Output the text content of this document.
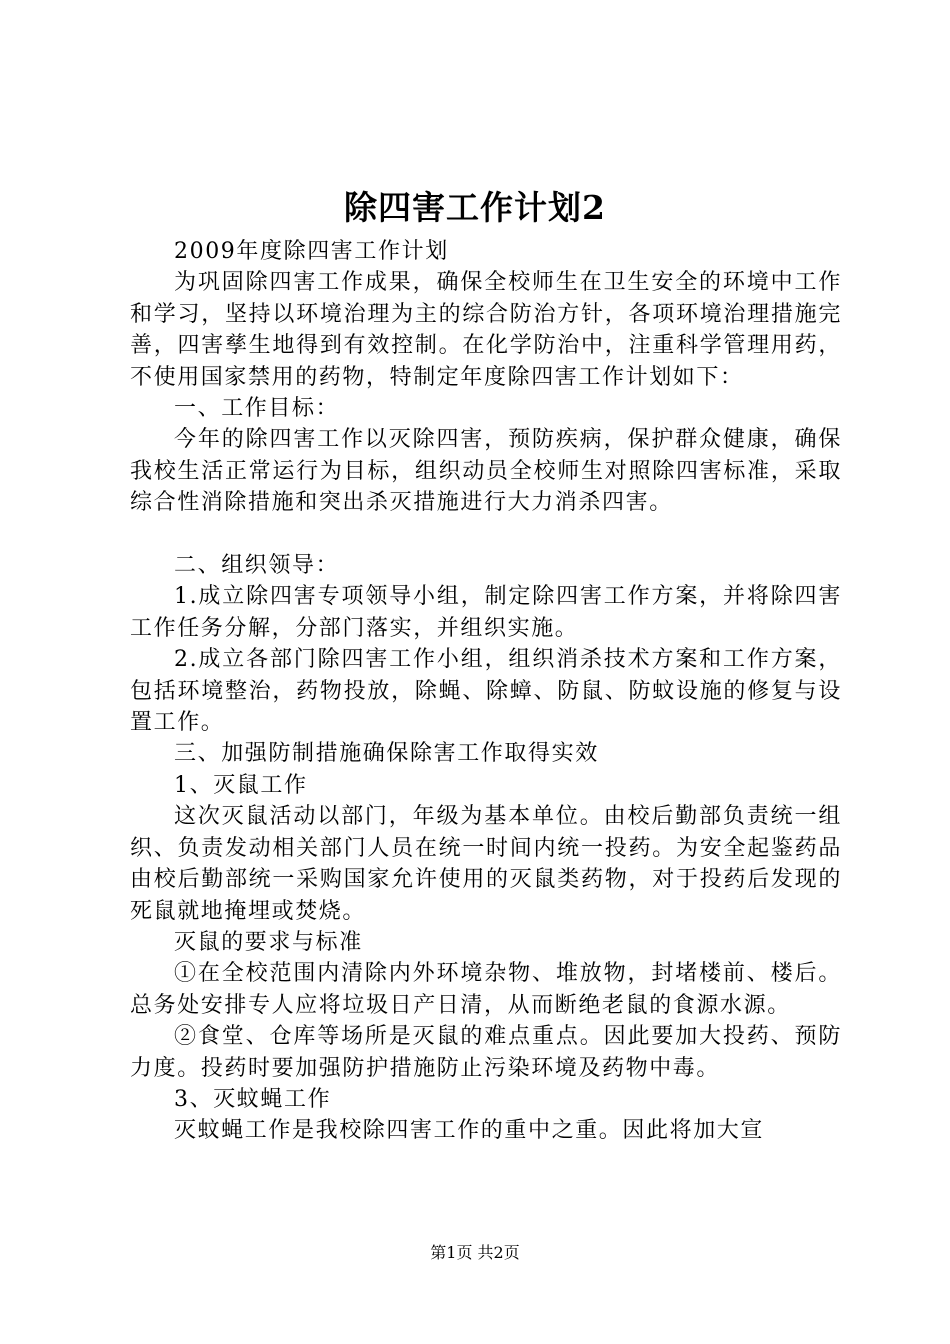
除四害工作计划2

2009年度除四害工作计划

为巩固除四害工作成果，确保全校师生在卫生安全的环境中工作和学习，坚持以环境治理为主的综合防治方针，各项环境治理措施完善，四害孳生地得到有效控制。在化学防治中，注重科学管理用药，不使用国家禁用的药物，特制定年度除四害工作计划如下：

一、工作目标：

今年的除四害工作以灭除四害，预防疾病，保护群众健康，确保我校生活正常运行为目标，组织动员全校师生对照除四害标准，采取综合性消除措施和突出杀灭措施进行大力消杀四害。

二、组织领导：

1.成立除四害专项领导小组，制定除四害工作方案，并将除四害工作任务分解，分部门落实，并组织实施。

2.成立各部门除四害工作小组，组织消杀技术方案和工作方案，包括环境整治，药物投放，除蝇、除蟑、防鼠、防蚊设施的修复与设置工作。

三、加强防制措施确保除害工作取得实效

1、灭鼠工作

这次灭鼠活动以部门，年级为基本单位。由校后勤部负责统一组织、负责发动相关部门人员在统一时间内统一投药。为安全起鉴药品由校后勤部统一采购国家允许使用的灭鼠类药物，对于投药后发现的死鼠就地掩埋或焚烧。

灭鼠的要求与标准

①在全校范围内清除内外环境杂物、堆放物，封堵楼前、楼后。总务处安排专人应将垃圾日产日清，从而断绝老鼠的食源水源。

②食堂、仓库等场所是灭鼠的难点重点。因此要加大投药、预防力度。投药时要加强防护措施防止污染环境及药物中毒。

3、灭蚊蝇工作

灭蚊蝇工作是我校除四害工作的重中之重。因此将加大宣

第1页 共2页
